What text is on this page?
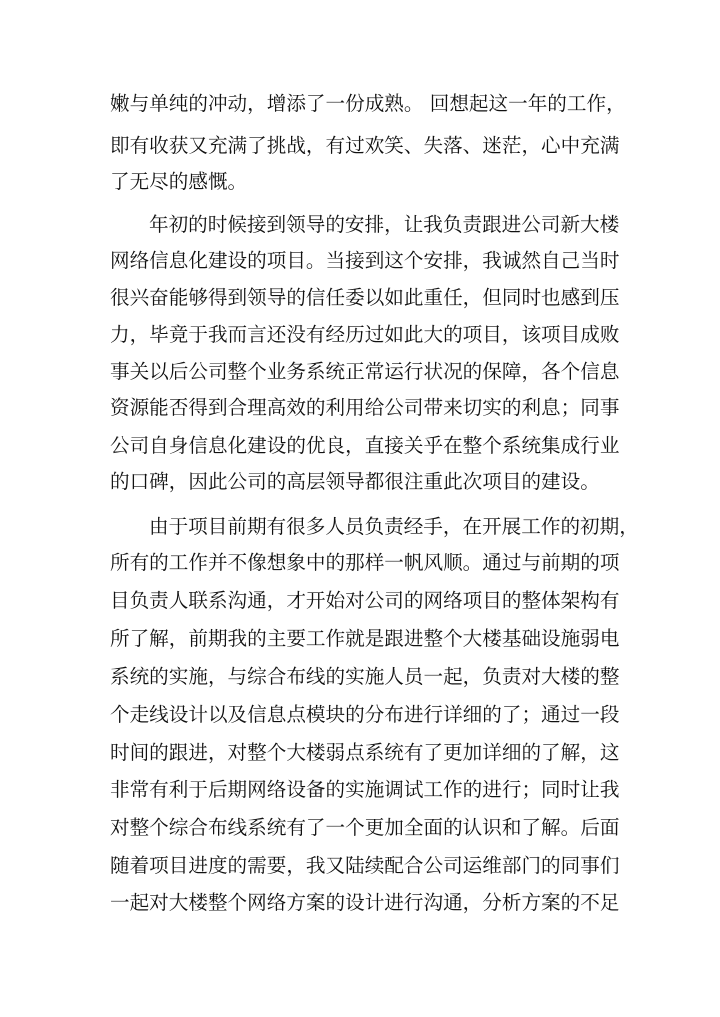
嫩与单纯的冲动，增添了一份成熟。 回想起这一年的工作，
即有收获又充满了挑战，有过欢笑、失落、迷茫，心中充满
了无尽的感慨。
年初的时候接到领导的安排，让我负责跟进公司新大楼
网络信息化建设的项目。当接到这个安排，我诚然自己当时
很兴奋能够得到领导的信任委以如此重任，但同时也感到压
力，毕竟于我而言还没有经历过如此大的项目，该项目成败
事关以后公司整个业务系统正常运行状况的保障，各个信息
资源能否得到合理高效的利用给公司带来切实的利息；同事
公司自身信息化建设的优良，直接关乎在整个系统集成行业
的口碑，因此公司的高层领导都很注重此次项目的建设。
由于项目前期有很多人员负责经手，在开展工作的初期，
所有的工作并不像想象中的那样一帆风顺。通过与前期的项
目负责人联系沟通，才开始对公司的网络项目的整体架构有
所了解，前期我的主要工作就是跟进整个大楼基础设施弱电
系统的实施，与综合布线的实施人员一起，负责对大楼的整
个走线设计以及信息点模块的分布进行详细的了；通过一段
时间的跟进，对整个大楼弱点系统有了更加详细的了解，这
非常有利于后期网络设备的实施调试工作的进行；同时让我
对整个综合布线系统有了一个更加全面的认识和了解。后面
随着项目进度的需要，我又陆续配合公司运维部门的同事们
一起对大楼整个网络方案的设计进行沟通，分析方案的不足
